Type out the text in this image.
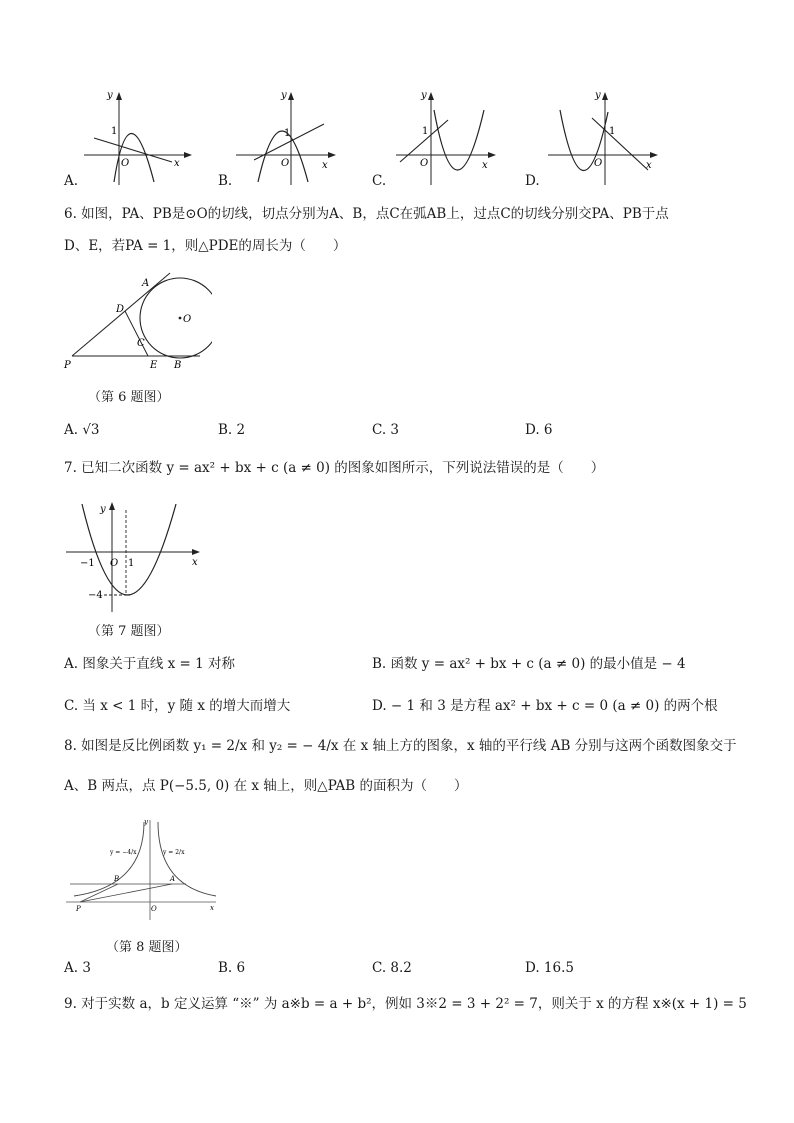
y
x
O
1
A.
y
x
O
1
B.
y
x
O
1
C.
y
x
O
1
D.
6. 如图，PA、PB是⊙O的切线，切点分别为A、B，点C在弧AB上，过点C的切线分别交PA、PB于点
D、E，若PA = 1，则△PDE的周长为（　　）
A
D
O
C
P	E B
（第 6 题图）
A. √3	B. 2	C. 3	D. 6
7. 已知二次函数 y = ax² + bx + c (a ≠ 0) 的图象如图所示，下列说法错误的是（　　）
y
x
O 1
−1
−4
（第 7 题图）
A. 图象关于直线 x = 1 对称	B. 函数 y = ax² + bx + c (a ≠ 0) 的最小值是 − 4
C. 当 x < 1 时，y 随 x 的增大而增大	D. − 1 和 3 是方程 ax² + bx + c = 0 (a ≠ 0) 的两个根
8. 如图是反比例函数 y₁ = 2/x 和 y₂ = − 4/x 在 x 轴上方的图象，x 轴的平行线 AB 分别与这两个函数图象交于
A、B 两点，点 P(−5.5, 0) 在 x 轴上，则△PAB 的面积为（　　）
y
x
O
y = 2/x
y = −4/x
B	A
P
（第 8 题图）
A. 3	B. 6	C. 8.2	D. 16.5
9. 对于实数 a，b 定义运算 “※” 为 a※b = a + b²，例如 3※2 = 3 + 2² = 7，则关于 x 的方程 x※(x + 1) = 5
